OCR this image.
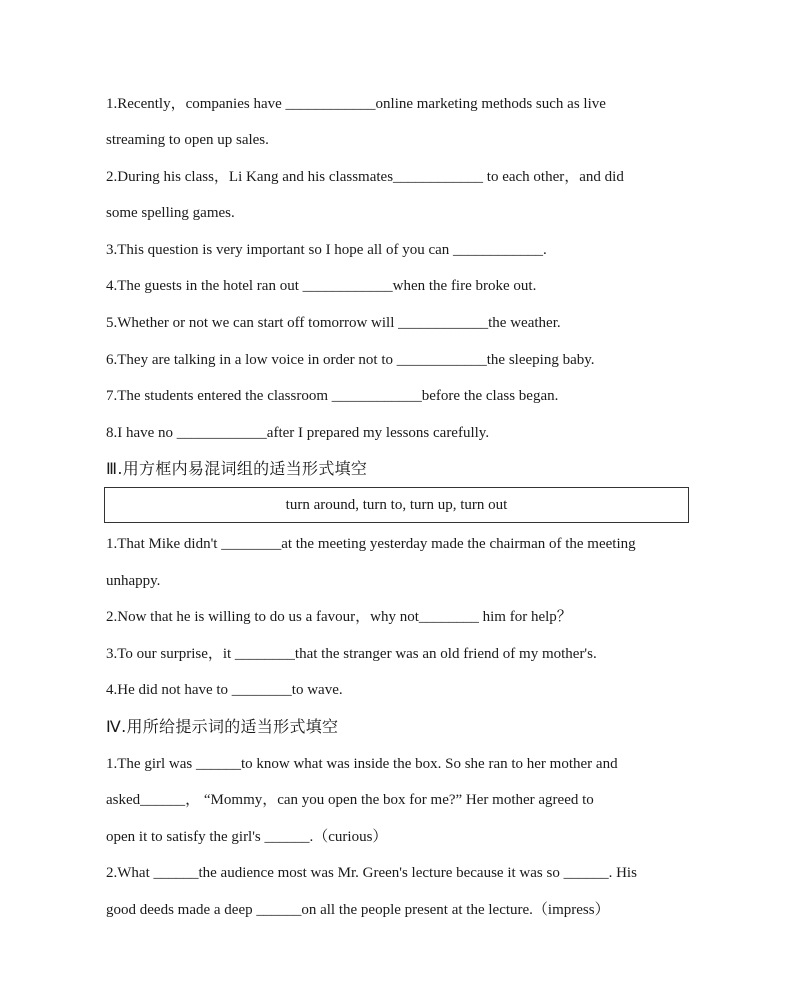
1.Recently，companies have ____________online marketing methods such as live
streaming to open up sales.
2.During his class，Li Kang and his classmates____________ to each other，and did
some spelling games.
3.This question is very important so I hope all of you can ____________.
4.The guests in the hotel ran out ____________when the fire broke out.
5.Whether or not we can start off tomorrow will ____________the weather.
6.They are talking in a low voice in order not to ____________the sleeping baby.
7.The students entered the classroom ____________before the class began.
8.I have no ____________after I prepared my lessons carefully.
Ⅲ.用方框内易混词组的适当形式填空
turn around, turn to, turn up, turn out
1.That Mike didn't ________at the meeting yesterday made the chairman of the meeting
unhappy.
2.Now that he is willing to do us a favour，why not________ him for help？
3.To our surprise，it ________that the stranger was an old friend of my mother's.
4.He did not have to ________to wave.
Ⅳ.用所给提示词的适当形式填空
1.The girl was ______to know what was inside the box. So she ran to her mother and
asked______， “Mommy，can you open the box for me?” Her mother agreed to
open it to satisfy the girl's ______.（curious）
2.What ______the audience most was Mr. Green's lecture because it was so ______. His
good deeds made a deep ______on all the people present at the lecture.（impress）
